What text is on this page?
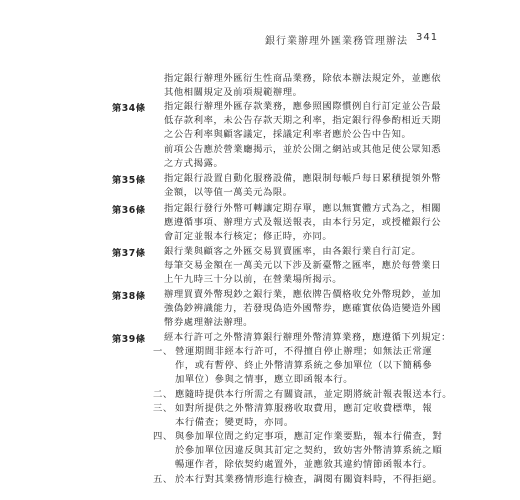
銀行業辦理外匯業務管理辦法 341
指定銀行辦理外匯衍生性商品業務，除依本辦法規定外，並應依
其他相關規定及前項規範辦理。
第34條 指定銀行辦理外匯存款業務，應參照國際慣例自行訂定並公告最
低存款利率，未公告存款天期之利率，指定銀行得參酌相近天期
之公告利率與顧客議定，採議定利率者應於公告中告知。
前項公告應於營業廳揭示，並於公開之網站或其他足使公眾知悉
之方式揭露。
第35條 指定銀行設置自動化服務設備，應限制每帳戶每日累積提領外幣
金額，以等值一萬美元為限。
第36條 指定銀行發行外幣可轉讓定期存單，應以無實體方式為之，相關
應遵循事項、辦理方式及報送報表，由本行另定，或授權銀行公
會訂定並報本行核定；修正時，亦同。
第37條 銀行業與顧客之外匯交易買賣匯率，由各銀行業自行訂定。
每筆交易金額在一萬美元以下涉及新臺幣之匯率，應於每營業日
上午九時三十分以前，在營業場所揭示。
第38條 辦理買賣外幣現鈔之銀行業，應依牌告價格收兌外幣現鈔，並加
強偽鈔辨識能力，若發現偽造外國幣券，應確實依偽造變造外國
幣券處理辦法辦理。
第39條 經本行許可之外幣清算銀行辦理外幣清算業務，應遵循下列規定：
一、 營運期間非經本行許可，不得擅自停止辦理；如無法正常運
作，或有暫停、終止外幣清算系統之參加單位（以下簡稱參
加單位）參與之情事，應立即函報本行。
二、 應隨時提供本行所需之有關資訊，並定期將統計報表報送本行。
三、 如對所提供之外幣清算服務收取費用，應訂定收費標準，報
本行備查；變更時，亦同。
四、 與參加單位間之約定事項，應訂定作業要點，報本行備查，對
於參加單位因違反與其訂定之契約，致妨害外幣清算系統之順
暢運作者，除依契約處置外，並應敘其違約情節函報本行。
五、 於本行對其業務情形進行檢查，調閱有關資料時，不得拒絕。
